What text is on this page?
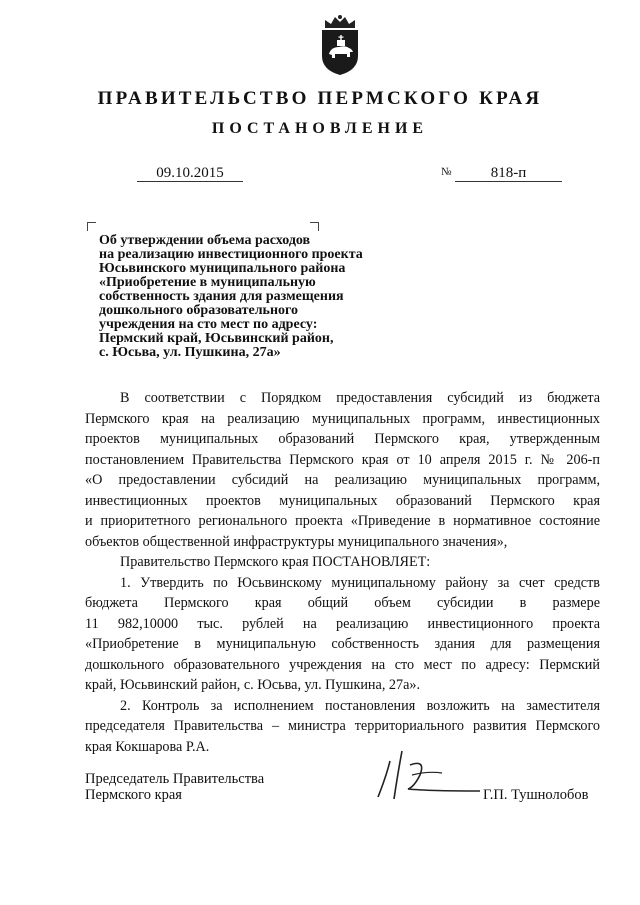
ПРАВИТЕЛЬСТВО ПЕРМСКОГО КРАЯ
ПОСТАНОВЛЕНИЕ
09.10.2015	№	818-п
Об утверждении объема расходов
на реализацию инвестиционного проекта
Юсьвинского муниципального района
«Приобретение в муниципальную
собственность здания для размещения
дошкольного образовательного
учреждения на сто мест по адресу:
Пермский край, Юсьвинский район,
с. Юсьва, ул. Пушкина, 27а»
В соответствии с Порядком предоставления субсидий из бюджета
Пермского края на реализацию муниципальных программ, инвестиционных
проектов муниципальных образований Пермского края, утвержденным
постановлением Правительства Пермского края от 10 апреля 2015 г. № 206-п
«О предоставлении субсидий на реализацию муниципальных программ,
инвестиционных проектов муниципальных образований Пермского края
и приоритетного регионального проекта «Приведение в нормативное состояние
объектов общественной инфраструктуры муниципального значения»,
Правительство Пермского края ПОСТАНОВЛЯЕТ:
1. Утвердить по Юсьвинскому муниципальному району за счет средств
бюджета Пермского края общий объем субсидии в размере
11 982,10000 тыс. рублей на реализацию инвестиционного проекта
«Приобретение в муниципальную собственность здания для размещения
дошкольного образовательного учреждения на сто мест по адресу: Пермский
край, Юсьвинский район, с. Юсьва, ул. Пушкина, 27а».
2. Контроль за исполнением постановления возложить на заместителя
председателя Правительства – министра территориального развития Пермского
края Кокшарова Р.А.
Председатель Правительства
Пермского края	Г.П. Тушнолобов
